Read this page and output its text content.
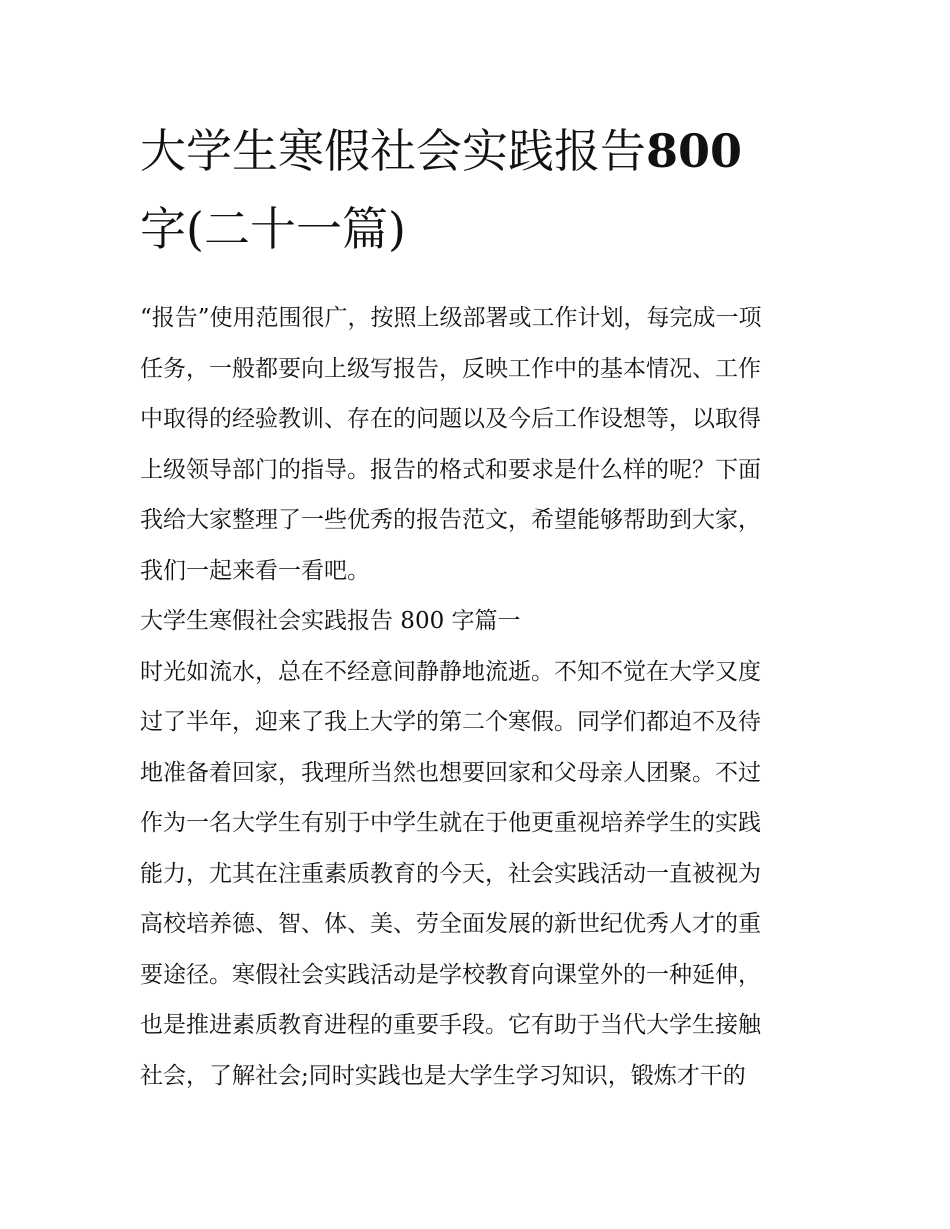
大学生寒假社会实践报告800
字(二十一篇)

“报告”使用范围很广，按照上级部署或工作计划，每完成一项

任务，一般都要向上级写报告，反映工作中的基本情况、工作

中取得的经验教训、存在的问题以及今后工作设想等，以取得

上级领导部门的指导。报告的格式和要求是什么样的呢？下面

我给大家整理了一些优秀的报告范文，希望能够帮助到大家，

我们一起来看一看吧。

大学生寒假社会实践报告 800 字篇一

时光如流水，总在不经意间静静地流逝。不知不觉在大学又度

过了半年，迎来了我上大学的第二个寒假。同学们都迫不及待

地准备着回家，我理所当然也想要回家和父母亲人团聚。不过

作为一名大学生有别于中学生就在于他更重视培养学生的实践

能力，尤其在注重素质教育的今天，社会实践活动一直被视为

高校培养德、智、体、美、劳全面发展的新世纪优秀人才的重

要途径。寒假社会实践活动是学校教育向课堂外的一种延伸，

也是推进素质教育进程的重要手段。它有助于当代大学生接触

社会，了解社会;同时实践也是大学生学习知识，锻炼才干的
